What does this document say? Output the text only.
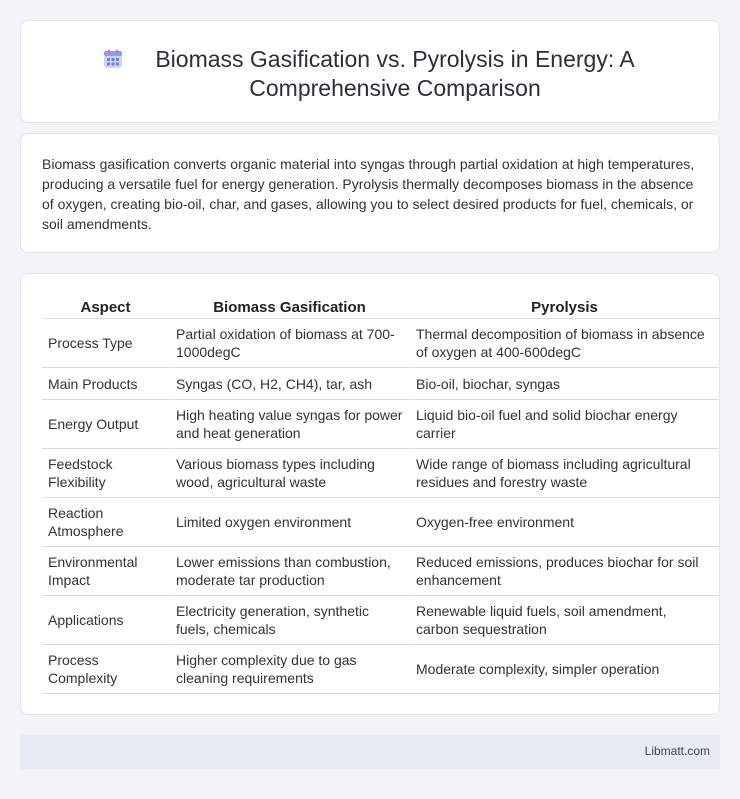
Biomass Gasification vs. Pyrolysis in Energy: A Comprehensive Comparison

Biomass gasification converts organic material into syngas through partial oxidation at high temperatures, producing a versatile fuel for energy generation. Pyrolysis thermally decomposes biomass in the absence of oxygen, creating bio-oil, char, and gases, allowing you to select desired products for fuel, chemicals, or soil amendments.

Aspect	Biomass Gasification	Pyrolysis
Process Type	Partial oxidation of biomass at 700-1000degC	Thermal decomposition of biomass in absence of oxygen at 400-600degC
Main Products	Syngas (CO, H2, CH4), tar, ash	Bio-oil, biochar, syngas
Energy Output	High heating value syngas for power and heat generation	Liquid bio-oil fuel and solid biochar energy carrier
Feedstock Flexibility	Various biomass types including wood, agricultural waste	Wide range of biomass including agricultural residues and forestry waste
Reaction Atmosphere	Limited oxygen environment	Oxygen-free environment
Environmental Impact	Lower emissions than combustion, moderate tar production	Reduced emissions, produces biochar for soil enhancement
Applications	Electricity generation, synthetic fuels, chemicals	Renewable liquid fuels, soil amendment, carbon sequestration
Process Complexity	Higher complexity due to gas cleaning requirements	Moderate complexity, simpler operation
Libmatt.com
